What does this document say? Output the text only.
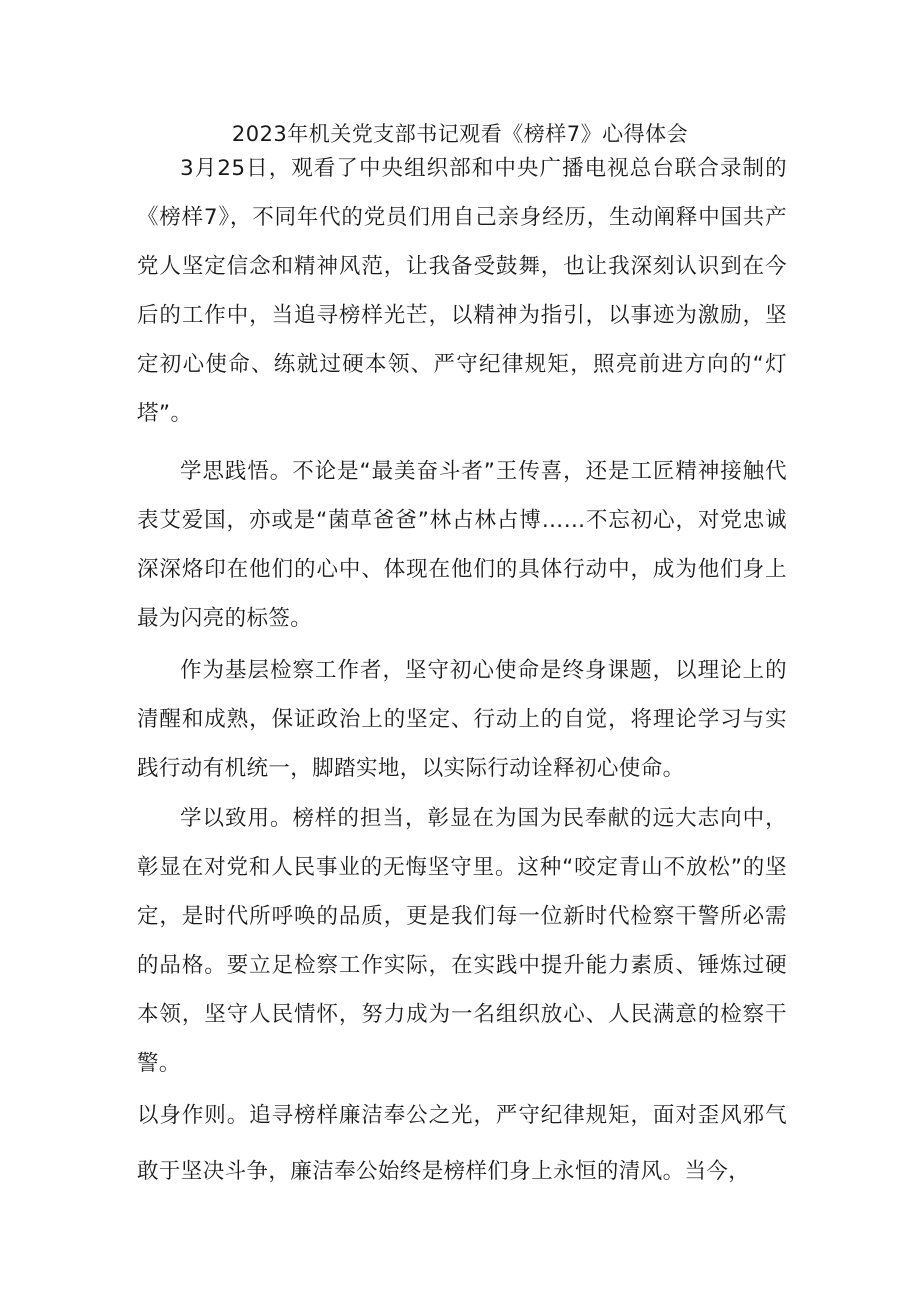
2023年机关党支部书记观看《榜样7》心得体会
3月25日，观看了中央组织部和中央广播电视总台联合录制的《榜样7》，不同年代的党员们用自己亲身经历，生动阐释中国共产党人坚定信念和精神风范，让我备受鼓舞，也让我深刻认识到在今后的工作中，当追寻榜样光芒，以精神为指引，以事迹为激励，坚定初心使命、练就过硬本领、严守纪律规矩，照亮前进方向的“灯塔”。
学思践悟。不论是“最美奋斗者”王传喜，还是工匠精神接触代表艾爱国，亦或是“菌草爸爸”林占林占博……不忘初心，对党忠诚深深烙印在他们的心中、体现在他们的具体行动中，成为他们身上最为闪亮的标签。
作为基层检察工作者，坚守初心使命是终身课题，以理论上的清醒和成熟，保证政治上的坚定、行动上的自觉，将理论学习与实践行动有机统一，脚踏实地，以实际行动诠释初心使命。
学以致用。榜样的担当，彰显在为国为民奉献的远大志向中，彰显在对党和人民事业的无悔坚守里。这种“咬定青山不放松”的坚定，是时代所呼唤的品质，更是我们每一位新时代检察干警所必需的品格。要立足检察工作实际，在实践中提升能力素质、锤炼过硬本领，坚守人民情怀，努力成为一名组织放心、人民满意的检察干警。
以身作则。追寻榜样廉洁奉公之光，严守纪律规矩，面对歪风邪气敢于坚决斗争，廉洁奉公始终是榜样们身上永恒的清风。当今，
